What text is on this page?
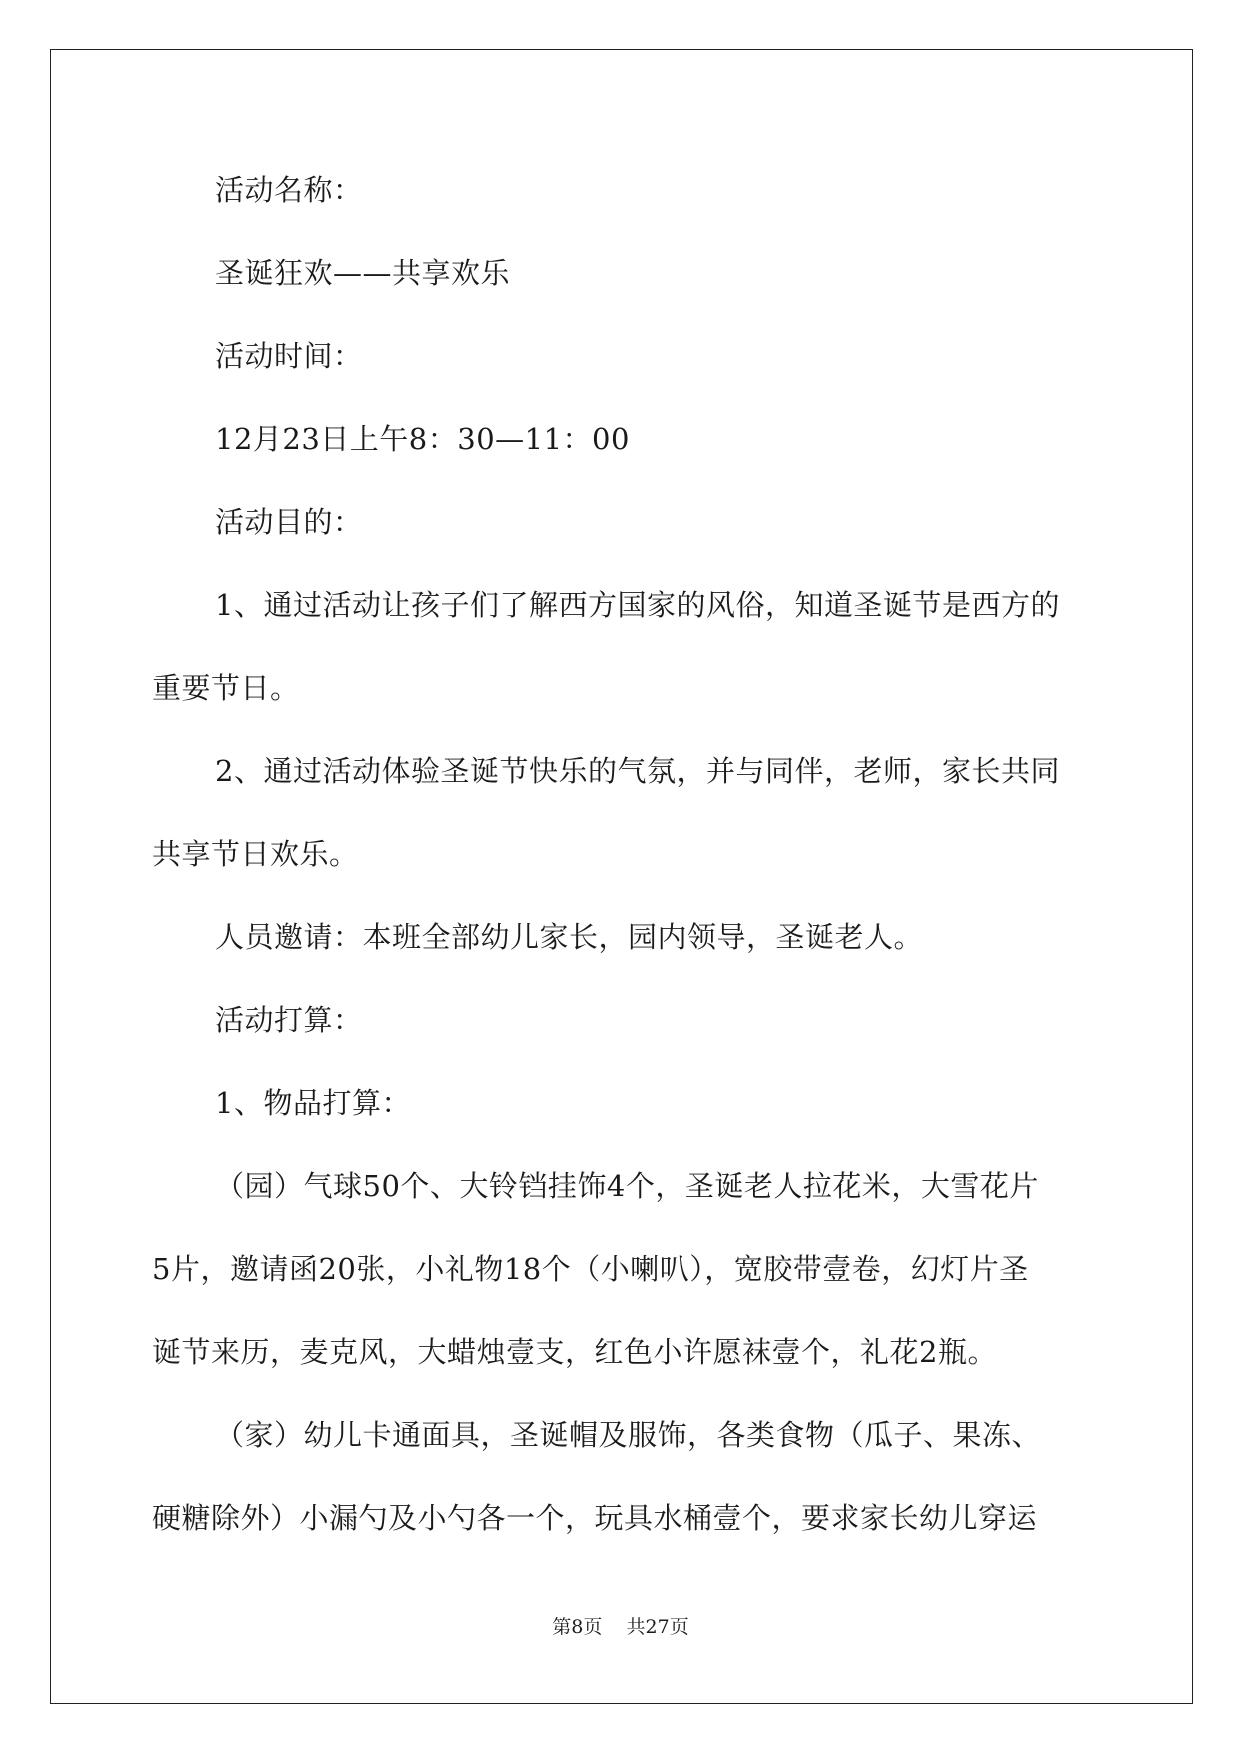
活动名称：
圣诞狂欢——共享欢乐
活动时间：
12月23日上午8：30—11：00
活动目的：
1、通过活动让孩子们了解西方国家的风俗，知道圣诞节是西方的
重要节日。
2、通过活动体验圣诞节快乐的气氛，并与同伴，老师，家长共同
共享节日欢乐。
人员邀请：本班全部幼儿家长，园内领导，圣诞老人。
活动打算：
1、物品打算：
（园）气球50个、大铃铛挂饰4个，圣诞老人拉花米，大雪花片
5片，邀请函20张，小礼物18个（小喇叭），宽胶带壹卷，幻灯片圣
诞节来历，麦克风，大蜡烛壹支，红色小许愿袜壹个，礼花2瓶。
（家）幼儿卡通面具，圣诞帽及服饰，各类食物（瓜子、果冻、
硬糖除外）小漏勺及小勺各一个，玩具水桶壹个，要求家长幼儿穿运
第8页    共27页
